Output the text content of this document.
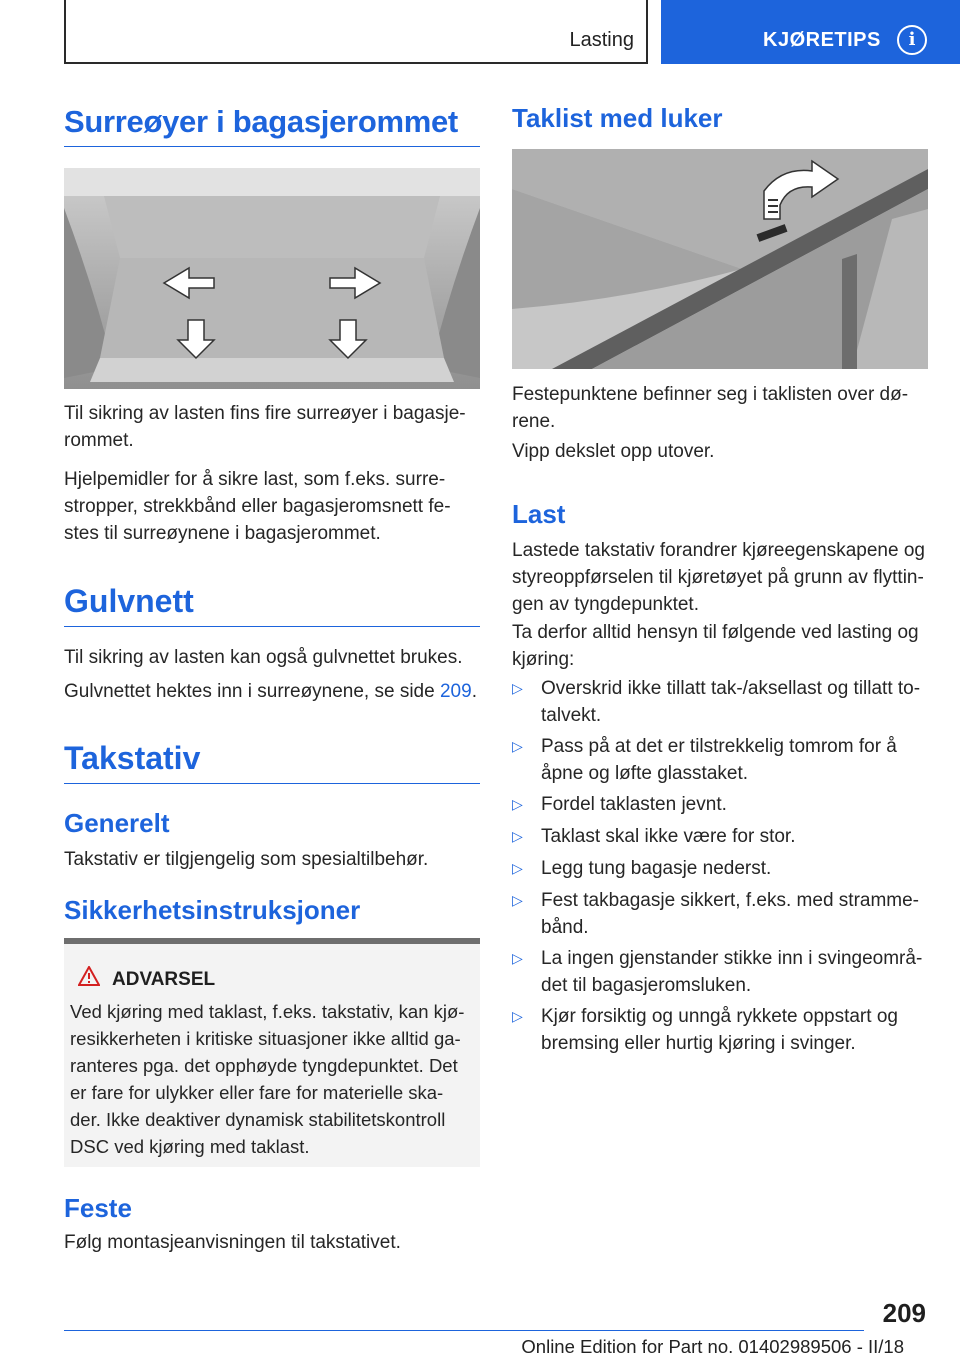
Lasting	KJØRETIPS	i
Surreøyer i bagasjerommet
Til sikring av lasten fins fire surreøyer i bagasje-
rommet.
Hjelpemidler for å sikre last, som f.eks. surre-
stropper, strekkbånd eller bagasjeromsnett fe-
stes til surreøynene i bagasjerommet.
Gulvnett
Til sikring av lasten kan også gulvnettet brukes.
Gulvnettet hektes inn i surreøynene, se side 209.
Takstativ
Generelt
Takstativ er tilgjengelig som spesialtilbehør.
Sikkerhetsinstruksjoner
ADVARSEL
Ved kjøring med taklast, f.eks. takstativ, kan kjø-
resikkerheten i kritiske situasjoner ikke alltid ga-
ranteres pga. det opphøyde tyngdepunktet. Det
er fare for ulykker eller fare for materielle ska-
der. Ikke deaktiver dynamisk stabilitetskontroll
DSC ved kjøring med taklast.
Feste
Følg montasjeanvisningen til takstativet.
Taklist med luker
Festepunktene befinner seg i taklisten over dø-
rene.
Vipp dekslet opp utover.
Last
Lastede takstativ forandrer kjøreegenskapene og
styreoppførselen til kjøretøyet på grunn av flyttin-
gen av tyngdepunktet.
Ta derfor alltid hensyn til følgende ved lasting og
kjøring:
▷ Overskrid ikke tillatt tak-/aksellast og tillatt to-
talvekt.
▷ Pass på at det er tilstrekkelig tomrom for å
åpne og løfte glasstaket.
▷ Fordel taklasten jevnt.
▷ Taklast skal ikke være for stor.
▷ Legg tung bagasje nederst.
▷ Fest takbagasje sikkert, f.eks. med stramme-
bånd.
▷ La ingen gjenstander stikke inn i svingeområ-
det til bagasjeromsluken.
▷ Kjør forsiktig og unngå rykkete oppstart og
bremsing eller hurtig kjøring i svinger.
209
Online Edition for Part no. 01402989506 - II/18
